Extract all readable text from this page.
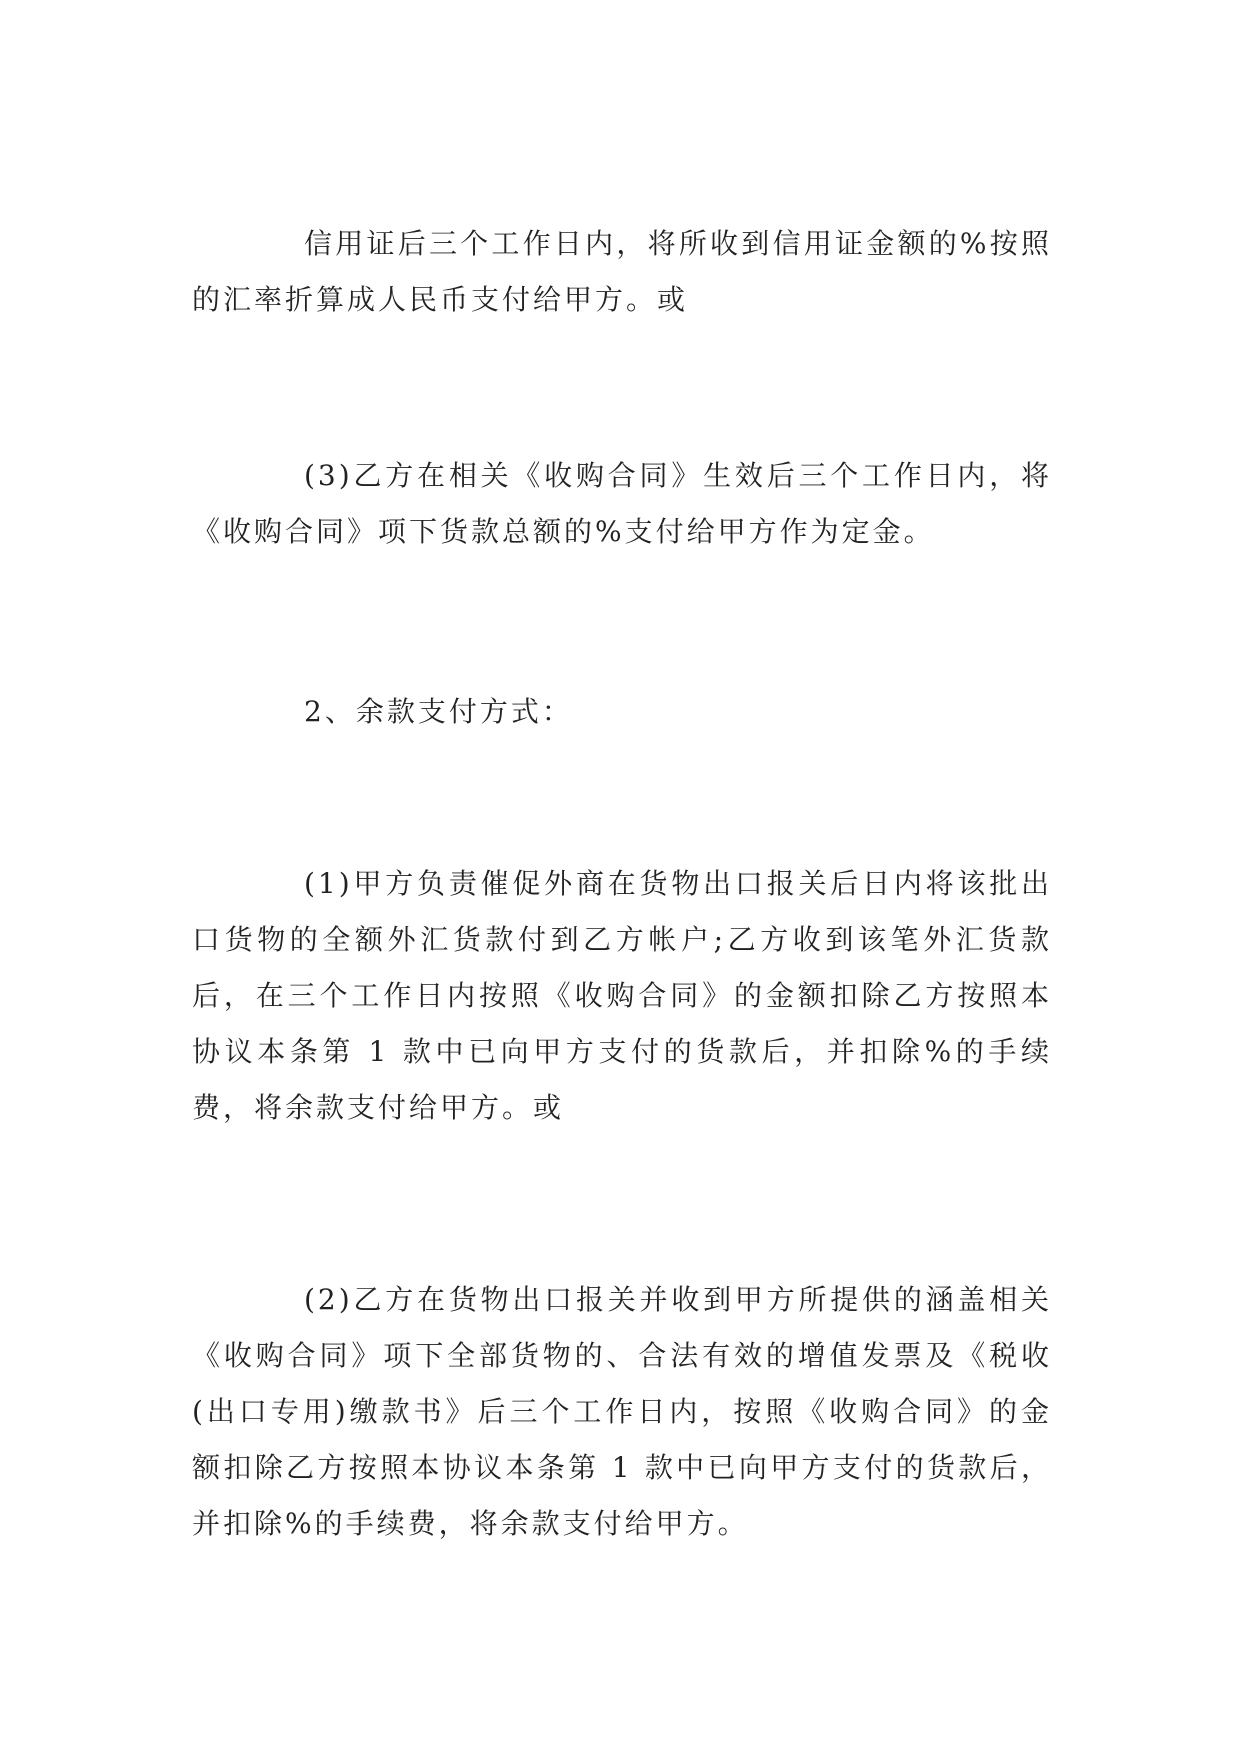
信用证后三个工作日内，将所收到信用证金额的%按照的汇率折算成人民币支付给甲方。或

(3)乙方在相关《收购合同》生效后三个工作日内，将《收购合同》项下货款总额的%支付给甲方作为定金。

2、余款支付方式：

(1)甲方负责催促外商在货物出口报关后日内将该批出口货物的全额外汇货款付到乙方帐户;乙方收到该笔外汇货款后，在三个工作日内按照《收购合同》的金额扣除乙方按照本协议本条第 1 款中已向甲方支付的货款后，并扣除%的手续费，将余款支付给甲方。或

(2)乙方在货物出口报关并收到甲方所提供的涵盖相关《收购合同》项下全部货物的、合法有效的增值发票及《税收(出口专用)缴款书》后三个工作日内，按照《收购合同》的金额扣除乙方按照本协议本条第 1 款中已向甲方支付的货款后，并扣除%的手续费，将余款支付给甲方。
